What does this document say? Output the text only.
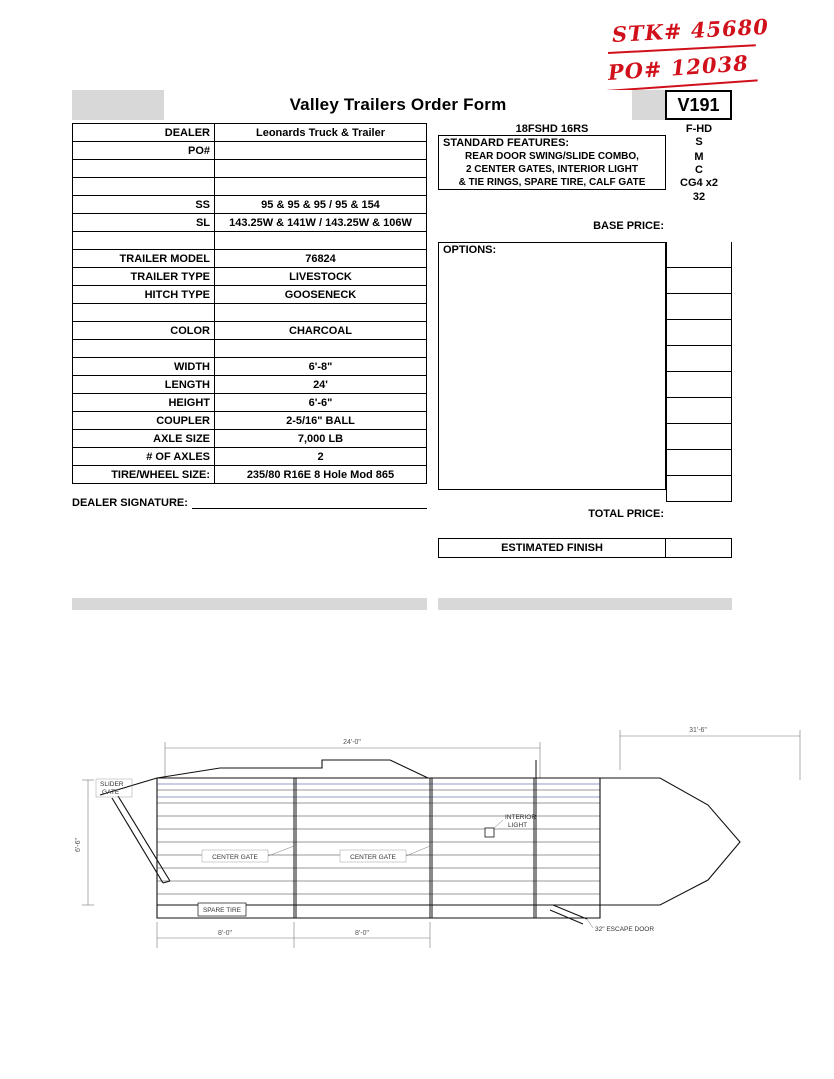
STK# 45680
PO# 12038
Valley Trailers Order Form	V191
DEALER	Leonards Truck & Trailer
PO#	

SS	95 & 95 & 95 / 95 & 154
SL	143.25W & 141W / 143.25W & 106W

TRAILER MODEL	76824
TRAILER TYPE	LIVESTOCK
HITCH TYPE	GOOSENECK

COLOR	CHARCOAL

WIDTH	6'-8"
LENGTH	24'
HEIGHT	6'-6"
COUPLER	2-5/16" BALL
AXLE SIZE	7,000 LB
# OF AXLES	2
TIRE/WHEEL SIZE:	235/80 R16E 8 Hole Mod 865
DEALER SIGNATURE:
18FSHD 16RS	F-HD
STANDARD FEATURES:	S
REAR DOOR SWING/SLIDE COMBO,	M
2 CENTER GATES, INTERIOR LIGHT	C
& TIE RINGS, SPARE TIRE, CALF GATE	CG4 x2
32
BASE PRICE:
OPTIONS:

TOTAL PRICE:
ESTIMATED FINISH
31'-6"
24'-0"
6'-6"
SLIDER
GATE
CENTER GATE	CENTER GATE
INTERIOR
LIGHT
SPARE TIRE
32" ESCAPE DOOR
8'-0"	8'-0"
